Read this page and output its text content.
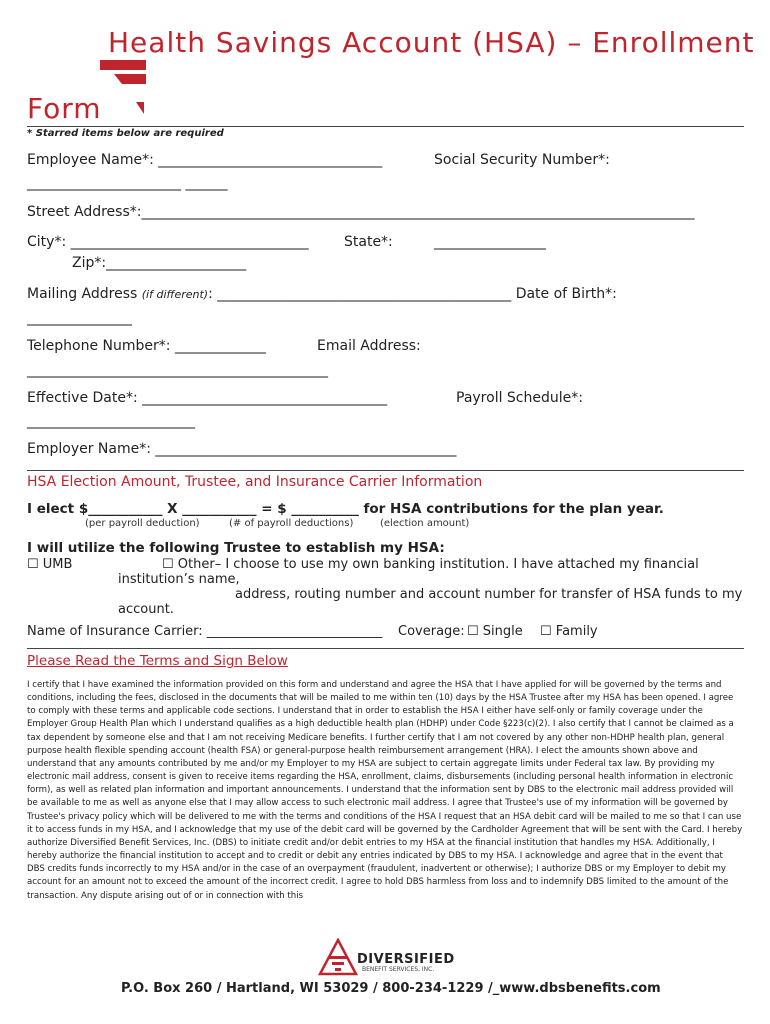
Health Savings Account (HSA) – Enrollment
Form
* Starred items below are required
Employee Name*: ________________________________	Social Security Number*:
______________________ ______
Street Address*:_______________________________________________________________________________
City*: __________________________________	State*:	________________
Zip*:____________________
Mailing Address (if different): __________________________________________ Date of Birth*:
_______________
Telephone Number*: _____________	Email Address:
___________________________________________
Effective Date*: ___________________________________	Payroll Schedule*:
________________________
Employer Name*: ___________________________________________
HSA Election Amount, Trustee, and Insurance Carrier Information
I elect $___________ X ___________ = $ __________ for HSA contributions for the plan year.
(per payroll deduction)	(# of payroll deductions)	(election amount)
I will utilize the following Trustee to establish my HSA:
☐ UMB	☐ Other– I choose to use my own banking institution. I have attached my financial
institution’s name,
address, routing number and account number for transfer of HSA funds to my
account.
Name of Insurance Carrier: ___________________________ Coverage: ☐ Single ☐ Family
Please Read the Terms and Sign Below
I certify that I have examined the information provided on this form and understand and agree the HSA that I have applied for will be governed by the terms and conditions, including the fees, disclosed in the documents that will be mailed to me within ten (10) days by the HSA Trustee after my HSA has been opened. I agree to comply with these terms and applicable code sections. I understand that in order to establish the HSA I either have self-only or family coverage under the Employer Group Health Plan which I understand qualifies as a high deductible health plan (HDHP) under Code §223(c)(2). I also certify that I cannot be claimed as a tax dependent by someone else and that I am not receiving Medicare benefits. I further certify that I am not covered by any other non-HDHP health plan, general purpose health flexible spending account (health FSA) or general-purpose health reimbursement arrangement (HRA). I elect the amounts shown above and understand that any amounts contributed by me and/or my Employer to my HSA are subject to certain aggregate limits under Federal tax law. By providing my electronic mail address, consent is given to receive items regarding the HSA, enrollment, claims, disbursements (including personal health information in electronic form), as well as related plan information and important announcements. I understand that the information sent by DBS to the electronic mail address provided will be available to me as well as anyone else that I may allow access to such electronic mail address. I agree that Trustee's use of my information will be governed by Trustee's privacy policy which will be delivered to me with the terms and conditions of the HSA I request that an HSA debit card will be mailed to me so that I can use it to access funds in my HSA, and I acknowledge that my use of the debit card will be governed by the Cardholder Agreement that will be sent with the Card. I hereby authorize Diversified Benefit Services, Inc. (DBS) to initiate credit and/or debit entries to my HSA at the financial institution that handles my HSA. Additionally, I hereby authorize the financial institution to accept and to credit or debit any entries indicated by DBS to my HSA. I acknowledge and agree that in the event that DBS credits funds incorrectly to my HSA and/or in the case of an overpayment (fraudulent, inadvertent or otherwise); I authorize DBS or my Employer to debit my account for an amount not to exceed the amount of the incorrect credit. I agree to hold DBS harmless from loss and to indemnify DBS limited to the amount of the transaction. Any dispute arising out of or in connection with this
DIVERSIFIED
BENEFIT SERVICES, INC.
P.O. Box 260 / Hartland, WI 53029 / 800-234-1229 /_www.dbsbenefits.com
